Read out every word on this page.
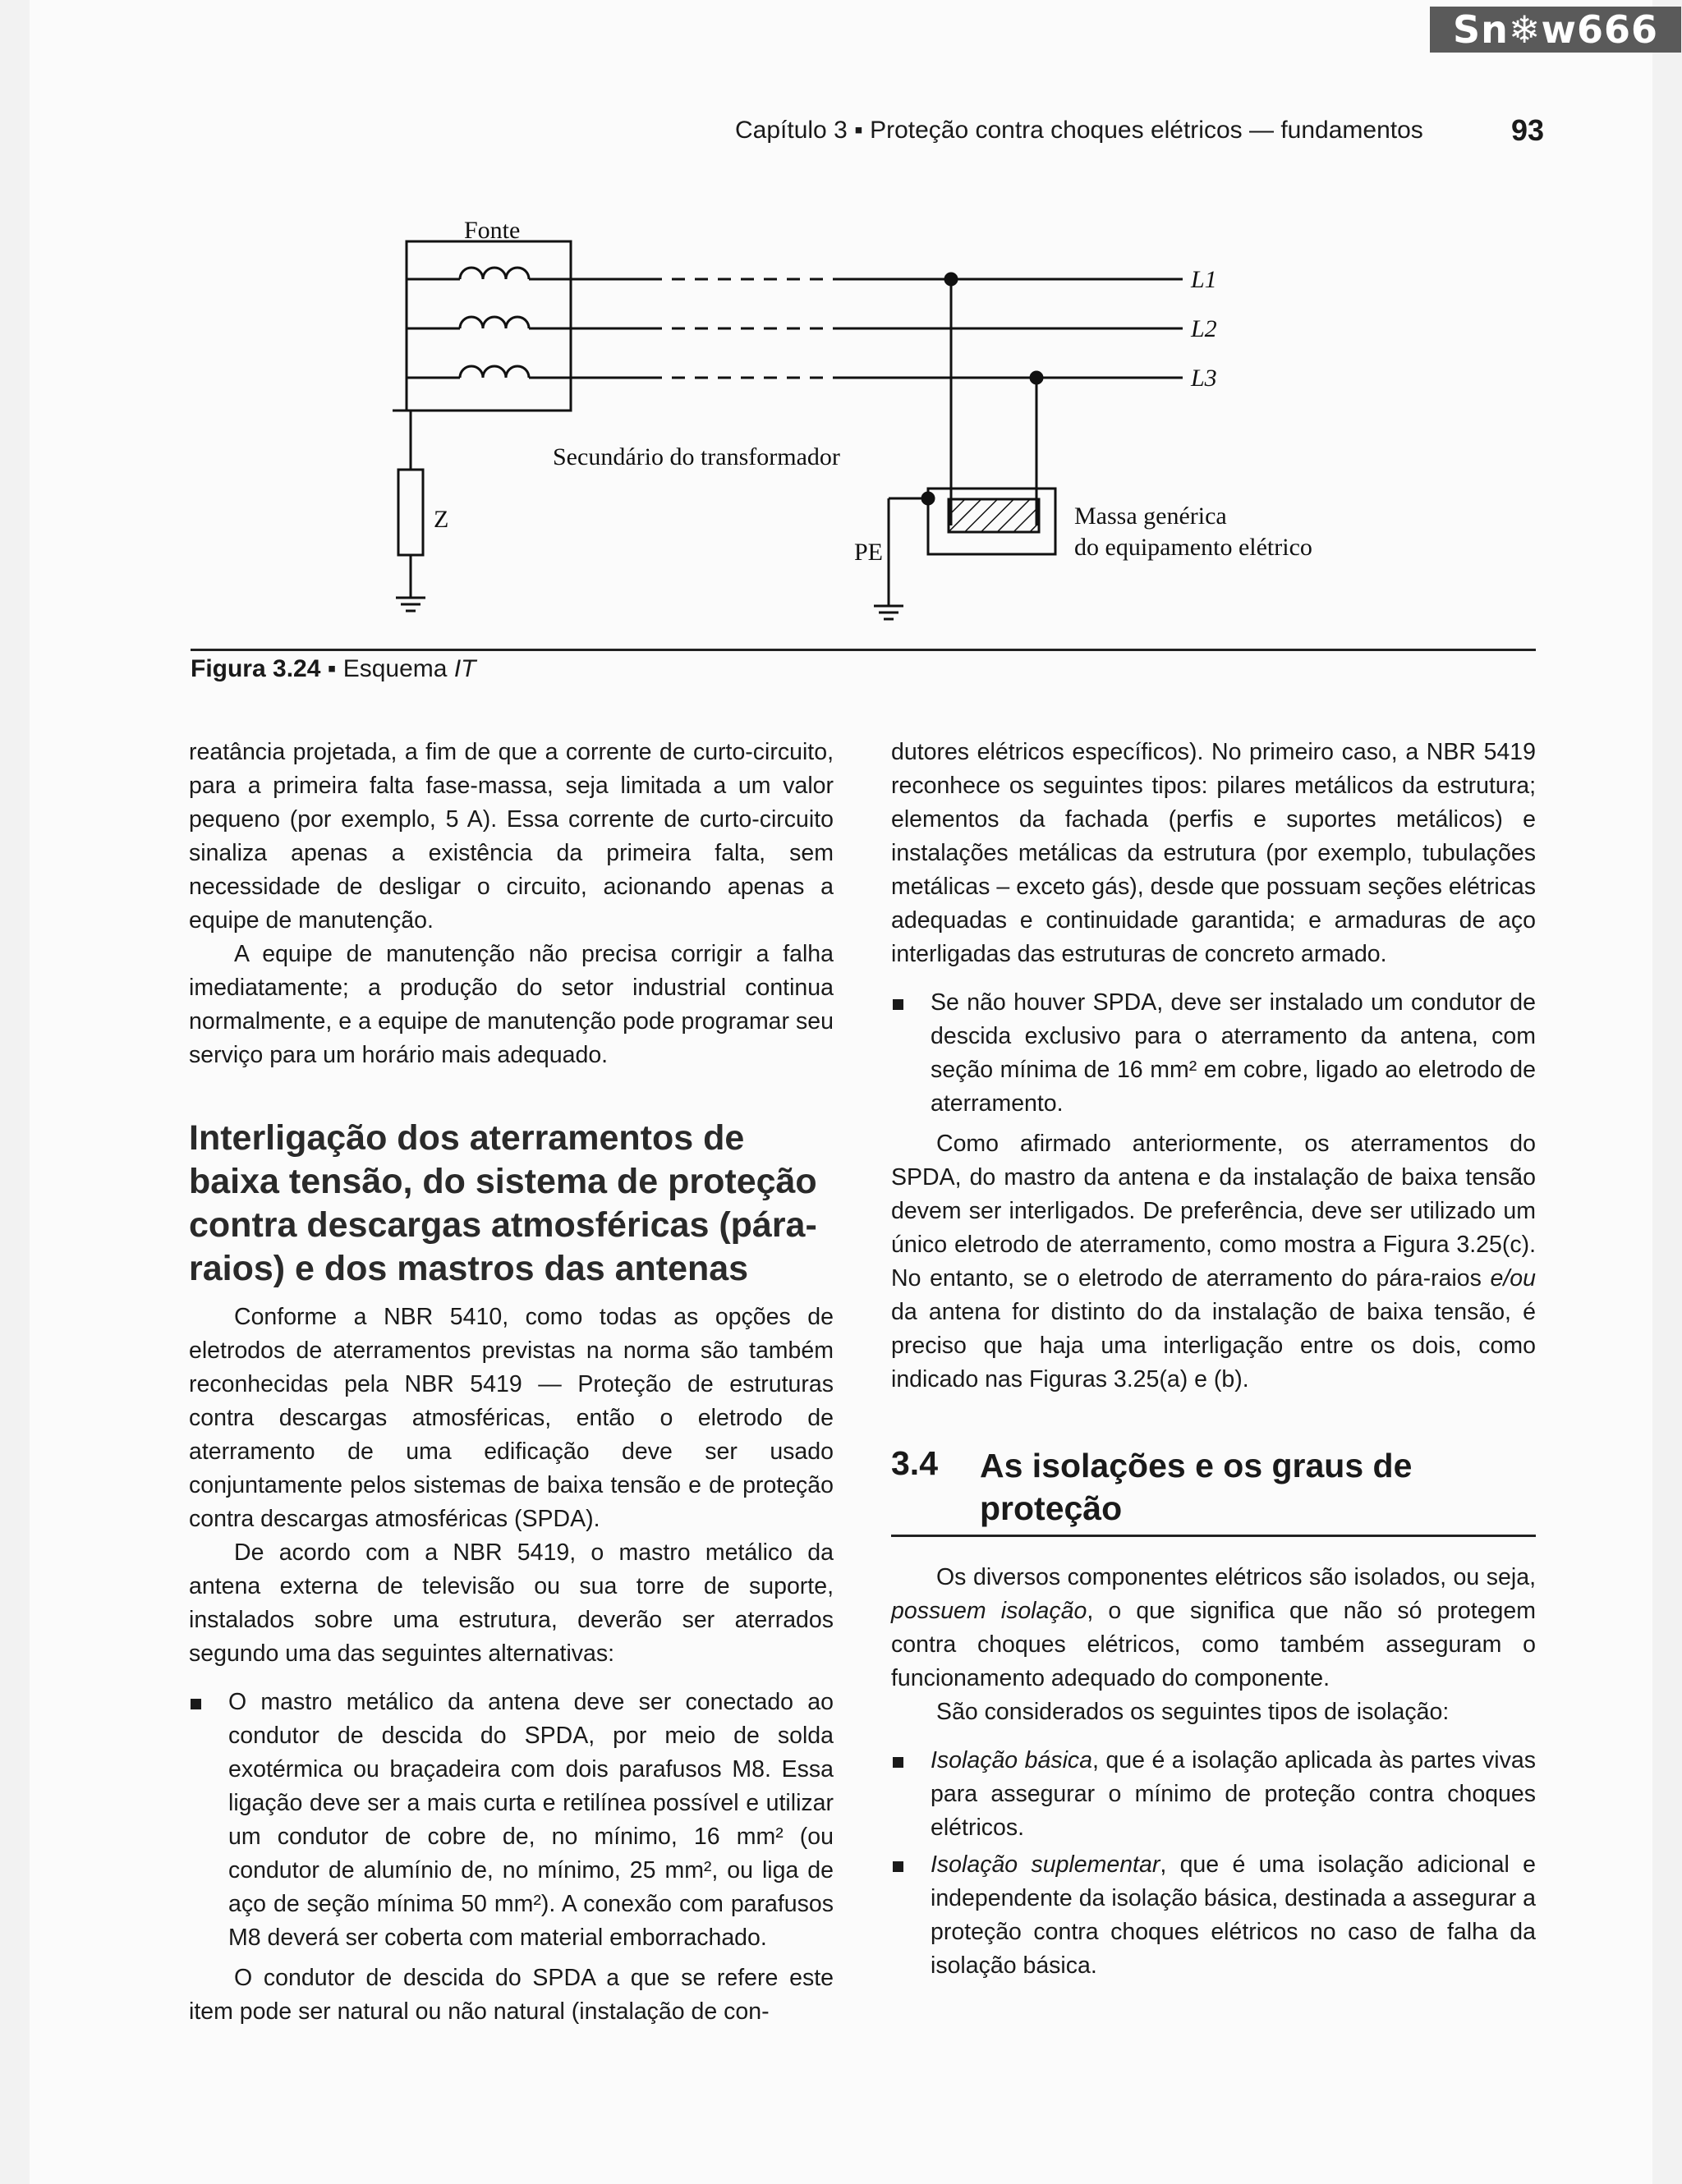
Sn❄w666
Capítulo 3 ▪ Proteção contra choques elétricos — fundamentos	93
Fonte
L1
L2
L3
Z
Secundário do transformador
Massa genérica
do equipamento elétrico
PE
Figura 3.24 ▪ Esquema IT

reatância projetada, a fim de que a corrente de curto-circuito, para a primeira falta fase-massa, seja limitada a um valor pequeno (por exemplo, 5 A). Essa corrente de curto-circuito sinaliza apenas a existência da primeira falta, sem necessidade de desligar o circuito, acionando apenas a equipe de manutenção.

A equipe de manutenção não precisa corrigir a falha imediatamente; a produção do setor industrial continua normalmente, e a equipe de manutenção pode programar seu serviço para um horário mais adequado.

Interligação dos aterramentos de baixa tensão, do sistema de proteção contra descargas atmosféricas (pára-raios) e dos mastros das antenas

Conforme a NBR 5410, como todas as opções de eletrodos de aterramentos previstas na norma são também reconhecidas pela NBR 5419 — Proteção de estruturas contra descargas atmosféricas, então o eletrodo de aterramento de uma edificação deve ser usado conjuntamente pelos sistemas de baixa tensão e de proteção contra descargas atmosféricas (SPDA).

De acordo com a NBR 5419, o mastro metálico da antena externa de televisão ou sua torre de suporte, instalados sobre uma estrutura, deverão ser aterrados segundo uma das seguintes alternativas:

O mastro metálico da antena deve ser conectado ao condutor de descida do SPDA, por meio de solda exotérmica ou braçadeira com dois parafusos M8. Essa ligação deve ser a mais curta e retilínea possível e utilizar um condutor de cobre de, no mínimo, 16 mm² (ou condutor de alumínio de, no mínimo, 25 mm², ou liga de aço de seção mínima 50 mm²). A conexão com parafusos M8 deverá ser coberta com material emborrachado.

O condutor de descida do SPDA a que se refere este item pode ser natural ou não natural (instalação de con-

dutores elétricos específicos). No primeiro caso, a NBR 5419 reconhece os seguintes tipos: pilares metálicos da estrutura; elementos da fachada (perfis e suportes metálicos) e instalações metálicas da estrutura (por exemplo, tubulações metálicas – exceto gás), desde que possuam seções elétricas adequadas e continuidade garantida; e armaduras de aço interligadas das estruturas de concreto armado.

Se não houver SPDA, deve ser instalado um condutor de descida exclusivo para o aterramento da antena, com seção mínima de 16 mm² em cobre, ligado ao eletrodo de aterramento.

Como afirmado anteriormente, os aterramentos do SPDA, do mastro da antena e da instalação de baixa tensão devem ser interligados. De preferência, deve ser utilizado um único eletrodo de aterramento, como mostra a Figura 3.25(c). No entanto, se o eletrodo de aterramento do pára-raios e/ou da antena for distinto do da instalação de baixa tensão, é preciso que haja uma interligação entre os dois, como indicado nas Figuras 3.25(a) e (b).

3.4 As isolações e os graus de proteção

Os diversos componentes elétricos são isolados, ou seja, possuem isolação, o que significa que não só protegem contra choques elétricos, como também asseguram o funcionamento adequado do componente.

São considerados os seguintes tipos de isolação:

Isolação básica, que é a isolação aplicada às partes vivas para assegurar o mínimo de proteção contra choques elétricos.

Isolação suplementar, que é uma isolação adicional e independente da isolação básica, destinada a assegurar a proteção contra choques elétricos no caso de falha da isolação básica.
